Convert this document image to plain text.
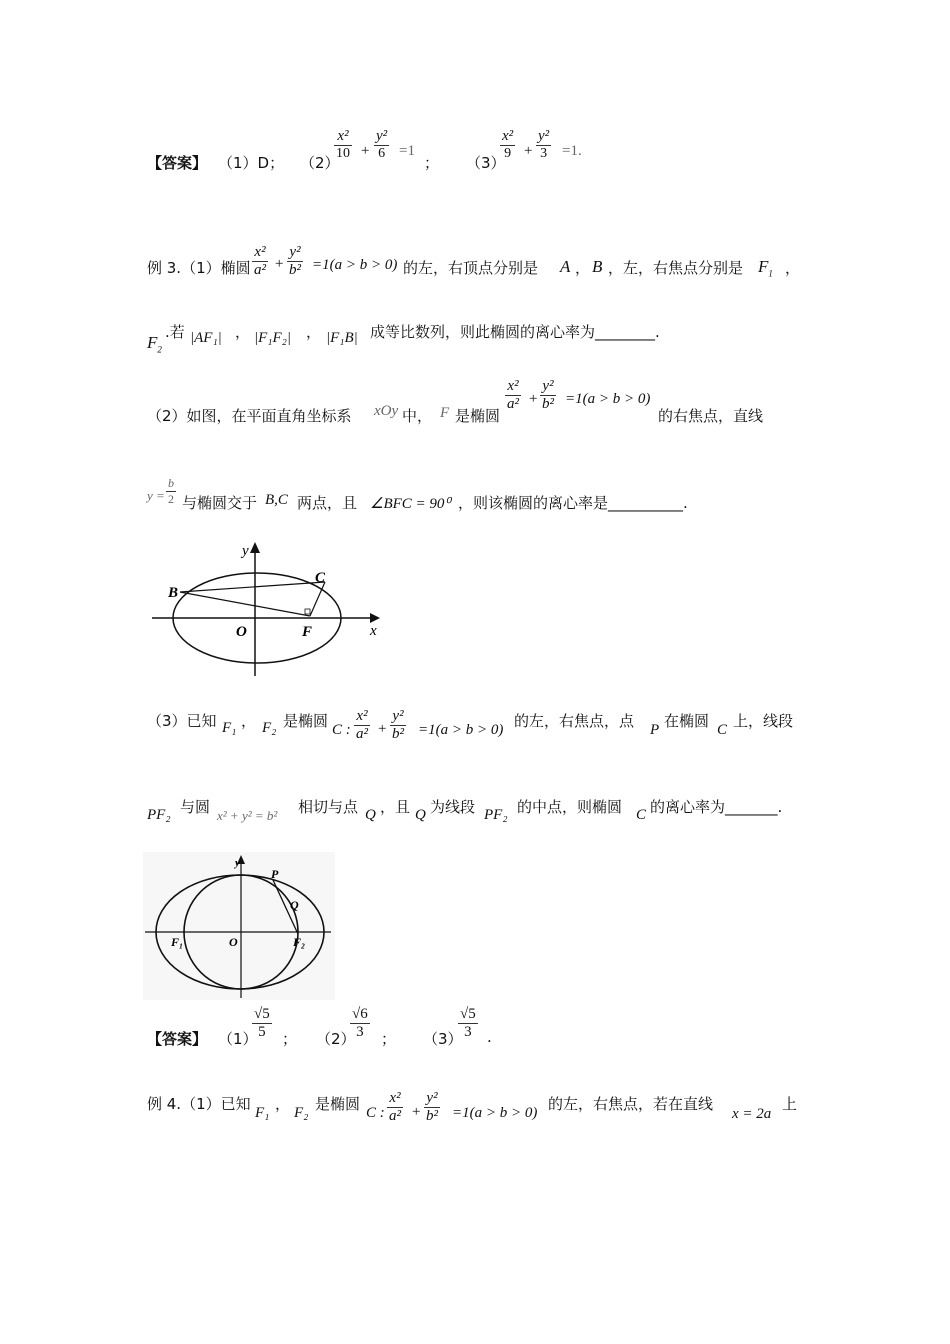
【答案】 （1）D； （2）
$\frac{\text{x²}}{10} + \frac{\text{y²}}{6} =1$
； （3）
$\frac{\text{x²}}{9} + \frac{\text{y²}}{3} =1$.
例 3.（1）椭圆 $\frac{\text{x²}}{\text{a²}} + \frac{\text{y²}}{\text{b²}} =1(a > b > 0)$ 的左，右顶点分别是 A ， B ，左，右焦点分别是 $F_1$ ，
$F_2$
.若 |AF₁| ， |F₁F₂| ， |F₁B| 成等比数列，则此椭圆的离心率为________.
（2）如图，在平面直角坐标系 xOy 中， F 是椭圆
$\frac{\text{x²}}{\text{a²}} + \frac{\text{y²}}{\text{b²}} =1(a > b > 0)$
的右焦点，直线
$y = \frac{b}{2}$ 与椭圆交于 B,C 两点，且 ∠BFC = 90⁰ ，则该椭圆的离心率是__________.
y
x
B
C
O	F
（3）已知 F₁ ， F₂ 是椭圆 C : $\frac{\text{x²}}{\text{a²}} + \frac{\text{y²}}{\text{b²}} =1(a > b > 0)$ 的左，右焦点，点 P 在椭圆 C 上，线段
PF₂ 与圆 x² + y² = b² 相切与点 Q ，且 Q 为线段 PF₂ 的中点，则椭圆 C 的离心率为_______.
y
P
Q
F₁	O	F₂
【答案】 （1）
$\frac{√5}{5}$ ； （2）
$\frac{√6}{3}$ ； （3）
$\frac{√5}{3}$ .
例 4.（1）已知 F₁ ， F₂ 是椭圆 C : $\frac{\text{x²}}{\text{a²}} + \frac{\text{y²}}{\text{b²}} =1(a > b > 0)$ 的左，右焦点，若在直线
x = 2a
上
